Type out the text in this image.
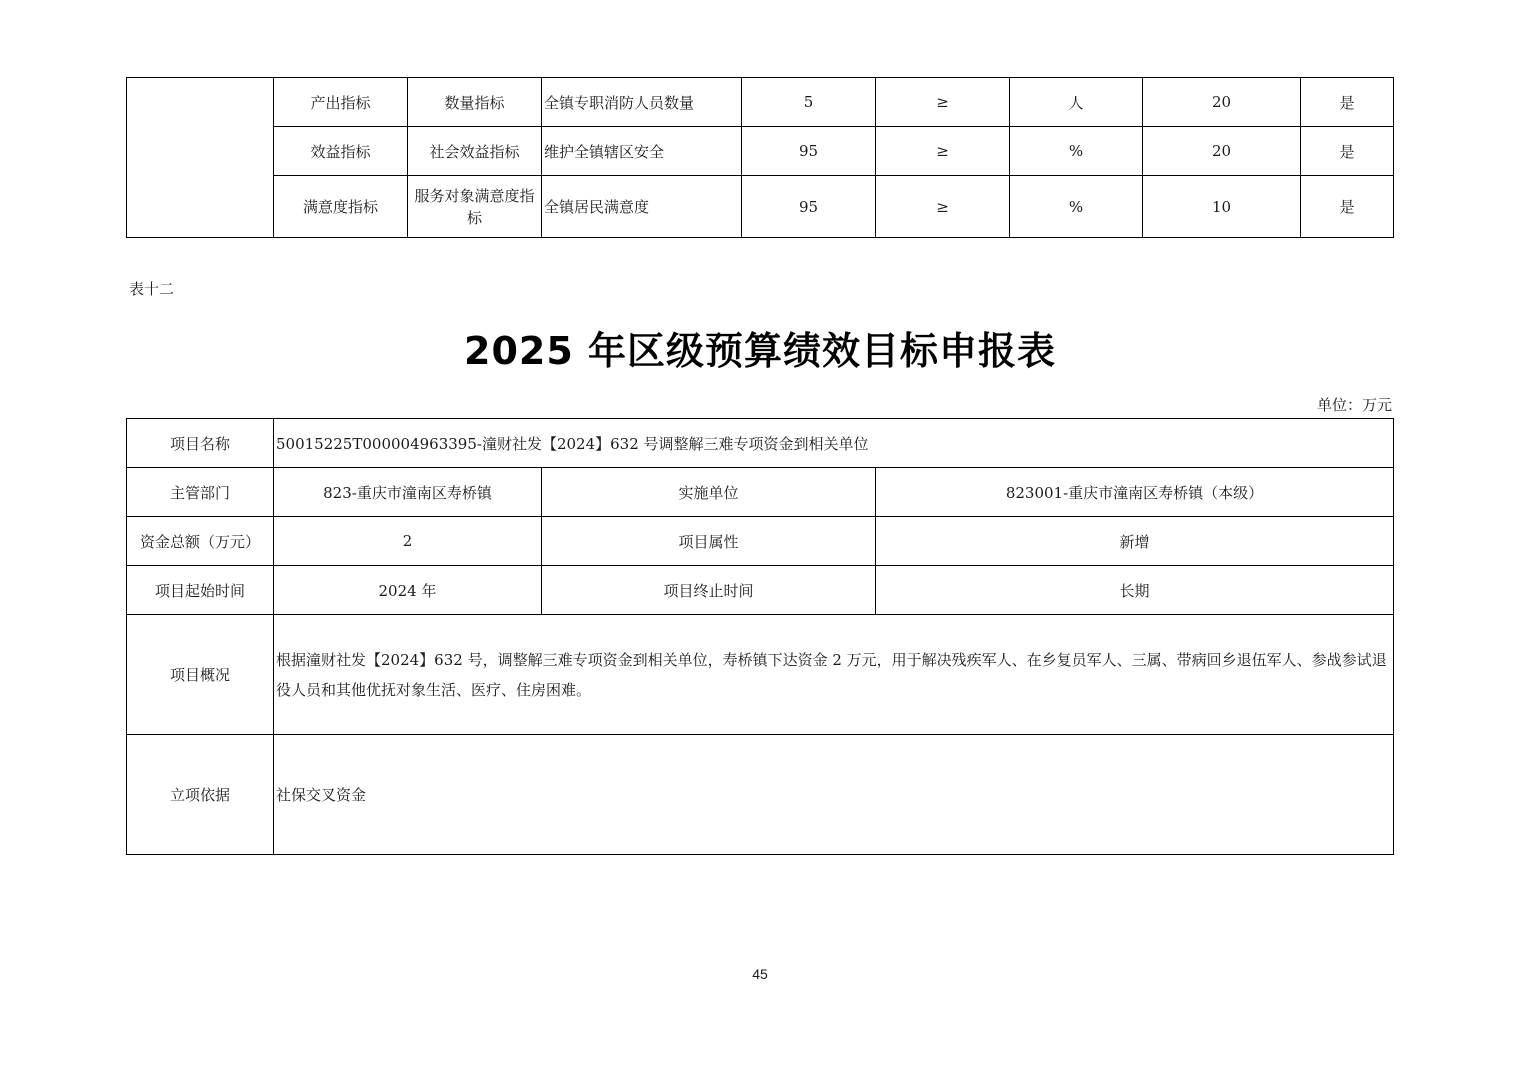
	产出指标	数量指标	全镇专职消防人员数量	5	≥	人	20	是
	效益指标	社会效益指标	维护全镇辖区安全	95	≥	%	20	是
	满意度指标	服务对象满意度指标	全镇居民满意度	95	≥	%	10	是
表十二
2025 年区级预算绩效目标申报表
单位：万元
项目名称	50015225T000004963395-潼财社发【2024】632 号调整解三难专项资金到相关单位		
主管部门	823-重庆市潼南区寿桥镇	实施单位	823001-重庆市潼南区寿桥镇（本级）
资金总额（万元）	2	项目属性	新增
项目起始时间	2024 年	项目终止时间	长期
项目概况	根据潼财社发【2024】632 号，调整解三难专项资金到相关单位，寿桥镇下达资金 2 万元，用于解决残疾军人、在乡复员军人、三属、带病回乡退伍军人、参战参试退役人员和其他优抚对象生活、医疗、住房困难。		
立项依据	社保交叉资金		
45
